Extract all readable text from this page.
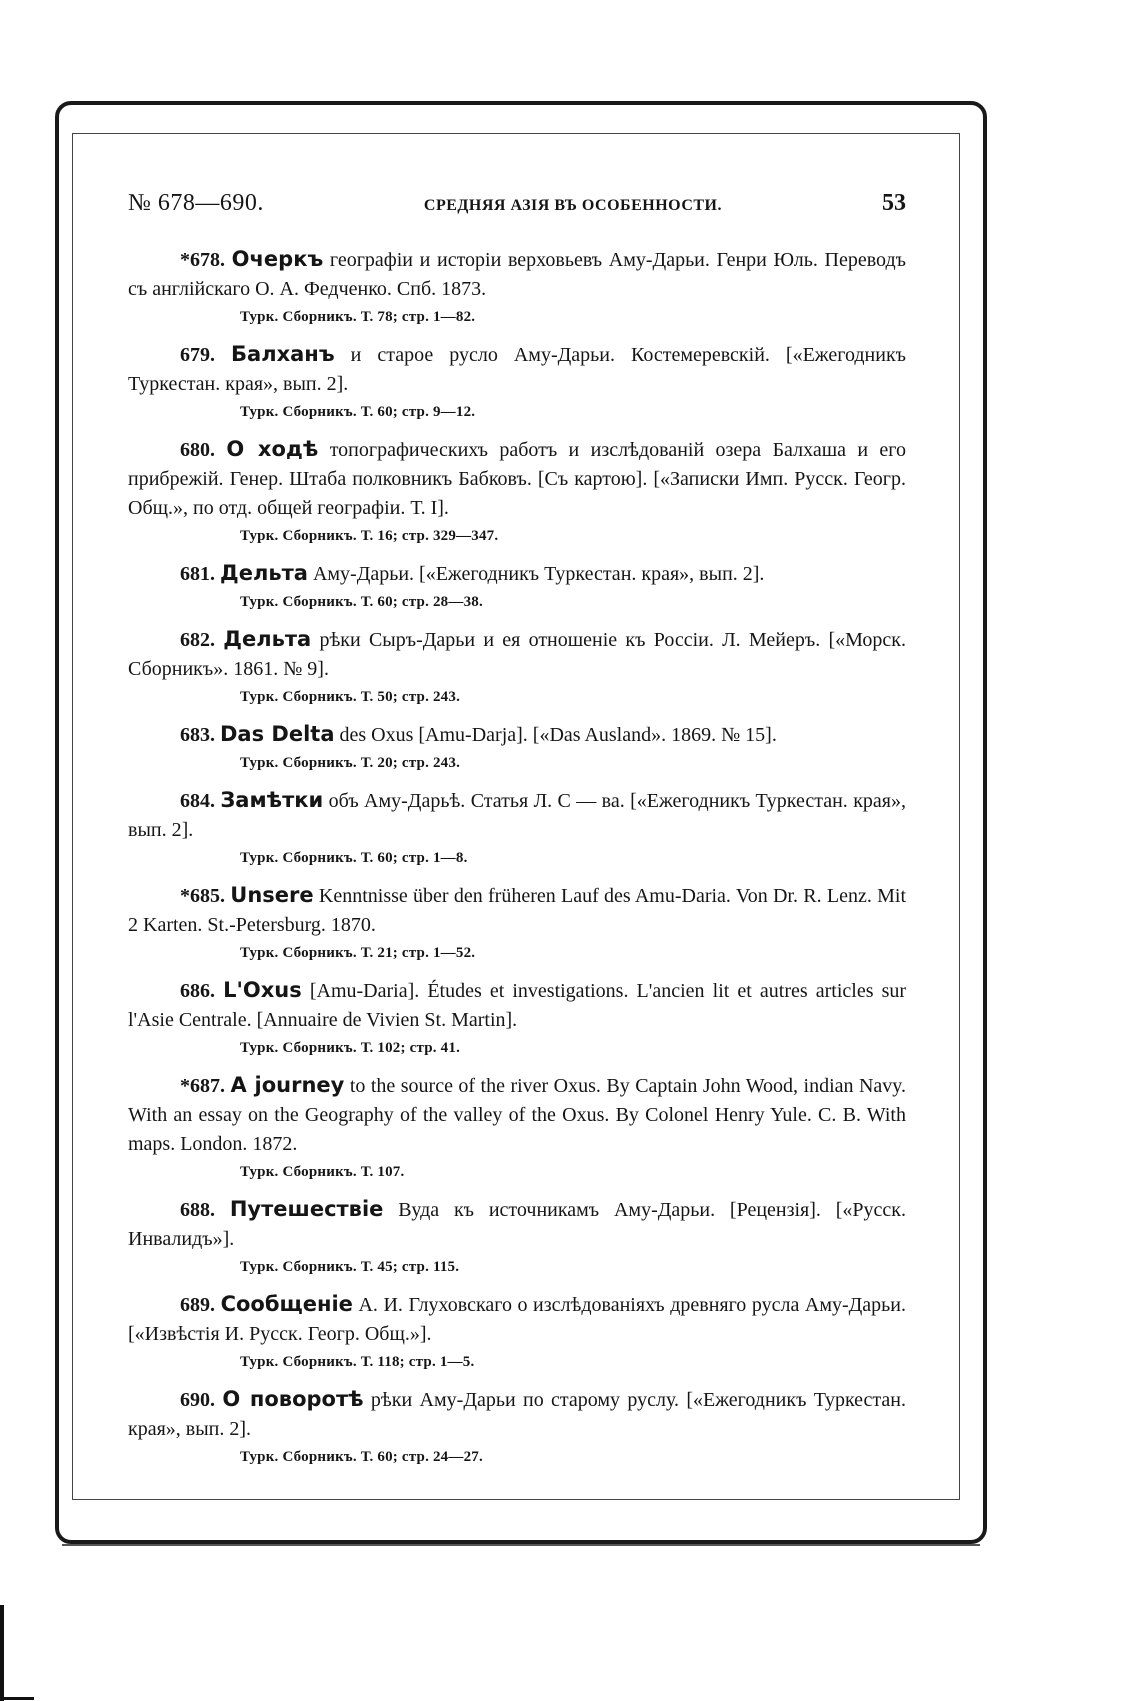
№ 678—690.	СРЕДНЯЯ АЗІЯ ВЪ ОСОБЕННОСТИ.	53

*678. Очеркъ географіи и исторіи верховьевъ Аму-Дарьи. Генри Юль. Переводъ съ англійскаго О. А. Федченко. Спб. 1873.

Турк. Сборникъ. Т. 78; стр. 1—82.

679. Балханъ и старое русло Аму-Дарьи. Костемеревскій. [«Ежегодникъ Туркестан. края», вып. 2].

Турк. Сборникъ. Т. 60; стр. 9—12.

680. О ходѣ топографическихъ работъ и изслѣдованій озера Балхаша и его прибрежій. Генер. Штаба полковникъ Бабковъ. [Съ картою]. [«Записки Имп. Русск. Геогр. Общ.», по отд. общей географіи. Т. I].

Турк. Сборникъ. Т. 16; стр. 329—347.

681. Дельта Аму-Дарьи. [«Ежегодникъ Туркестан. края», вып. 2].

Турк. Сборникъ. Т. 60; стр. 28—38.

682. Дельта рѣки Сыръ-Дарьи и ея отношеніе къ Россіи. Л. Мейеръ. [«Морск. Сборникъ». 1861. № 9].

Турк. Сборникъ. Т. 50; стр. 243.

683. Das Delta des Oxus [Amu-Darja]. [«Das Ausland». 1869. № 15].

Турк. Сборникъ. Т. 20; стр. 243.

684. Замѣтки объ Аму-Дарьѣ. Статья Л. С — ва. [«Ежегодникъ Туркестан. края», вып. 2].

Турк. Сборникъ. Т. 60; стр. 1—8.

*685. Unsere Kenntnisse über den früheren Lauf des Amu-Daria. Von Dr. R. Lenz. Mit 2 Karten. St.-Petersburg. 1870.

Турк. Сборникъ. Т. 21; стр. 1—52.

686. L'Oxus [Amu-Daria]. Études et investigations. L'ancien lit et autres articles sur l'Asie Centrale. [Annuaire de Vivien St. Martin].

Турк. Сборникъ. Т. 102; стр. 41.

*687. A journey to the source of the river Oxus. By Captain John Wood, indian Navy. With an essay on the Geography of the valley of the Oxus. By Colonel Henry Yule. C. B. With maps. London. 1872.

Турк. Сборникъ. Т. 107.

688. Путешествіе Вуда къ источникамъ Аму-Дарьи. [Рецензія]. [«Русск. Инвалидъ»].

Турк. Сборникъ. Т. 45; стр. 115.

689. Сообщеніе А. И. Глуховскаго о изслѣдованіяхъ древняго русла Аму-Дарьи. [«Извѣстія И. Русск. Геогр. Общ.»].

Турк. Сборникъ. Т. 118; стр. 1—5.

690. О поворотѣ рѣки Аму-Дарьи по старому руслу. [«Ежегодникъ Туркестан. края», вып. 2].

Турк. Сборникъ. Т. 60; стр. 24—27.
